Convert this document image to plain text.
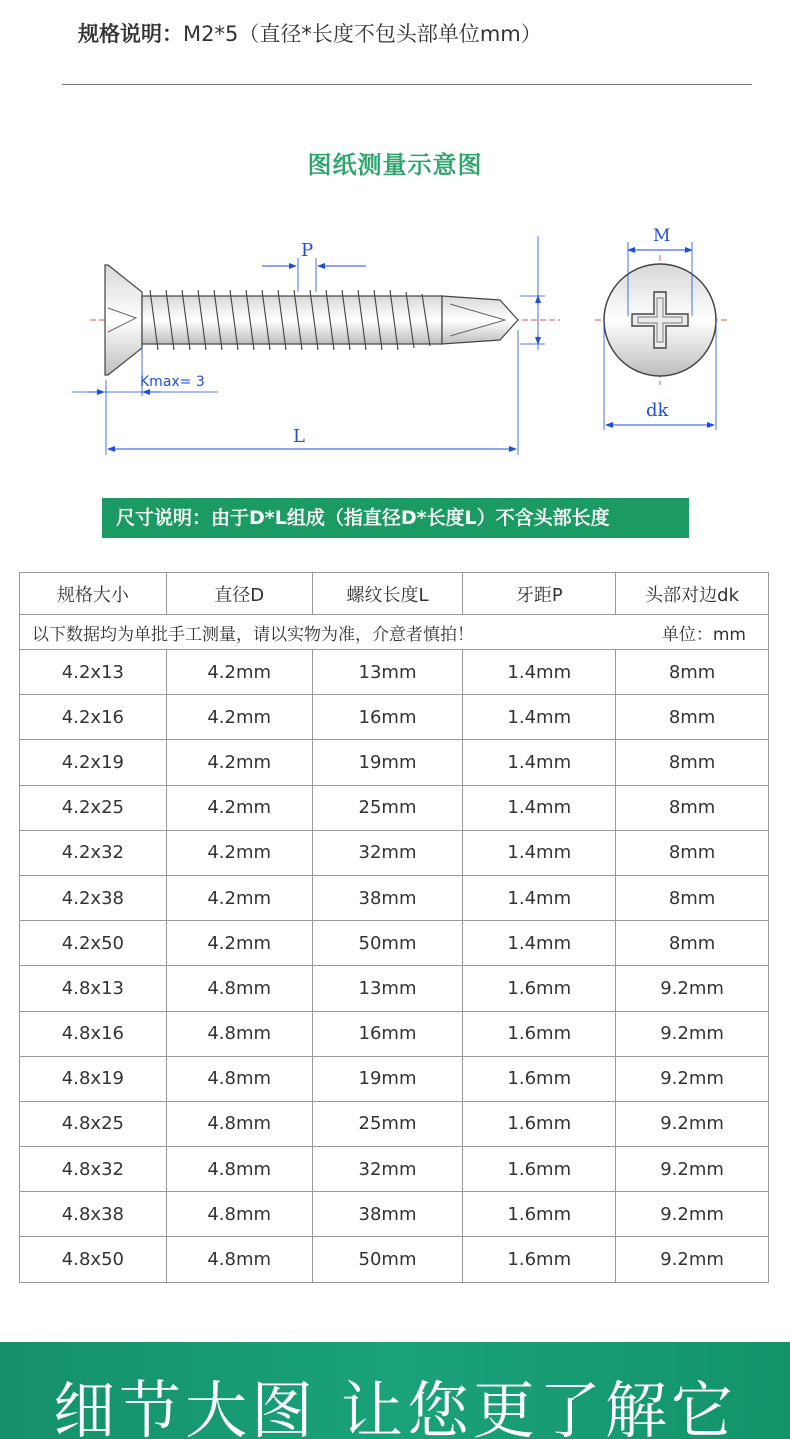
规格说明：M2*5（直径*长度不包头部单位mm）
图纸测量示意图
P
Kmax= 3
L
M
dk
尺寸说明：由于D*L组成（指直径D*长度L）不含头部长度
以下数据均为单批手工测量，请以实物为准，介意者慎拍！ 单位：mm				

规格大小	直径D	螺纹长度L	牙距P	头部对边dk
4.2x13	4.2mm	13mm	1.4mm	8mm
4.2x16	4.2mm	16mm	1.4mm	8mm
4.2x19	4.2mm	19mm	1.4mm	8mm
4.2x25	4.2mm	25mm	1.4mm	8mm
4.2x32	4.2mm	32mm	1.4mm	8mm
4.2x38	4.2mm	38mm	1.4mm	8mm
4.2x50	4.2mm	50mm	1.4mm	8mm
4.8x13	4.8mm	13mm	1.6mm	9.2mm
4.8x16	4.8mm	16mm	1.6mm	9.2mm
4.8x19	4.8mm	19mm	1.6mm	9.2mm
4.8x25	4.8mm	25mm	1.6mm	9.2mm
4.8x32	4.8mm	32mm	1.6mm	9.2mm
4.8x38	4.8mm	38mm	1.6mm	9.2mm
4.8x50	4.8mm	50mm	1.6mm	9.2mm
细节大图 让您更了解它
